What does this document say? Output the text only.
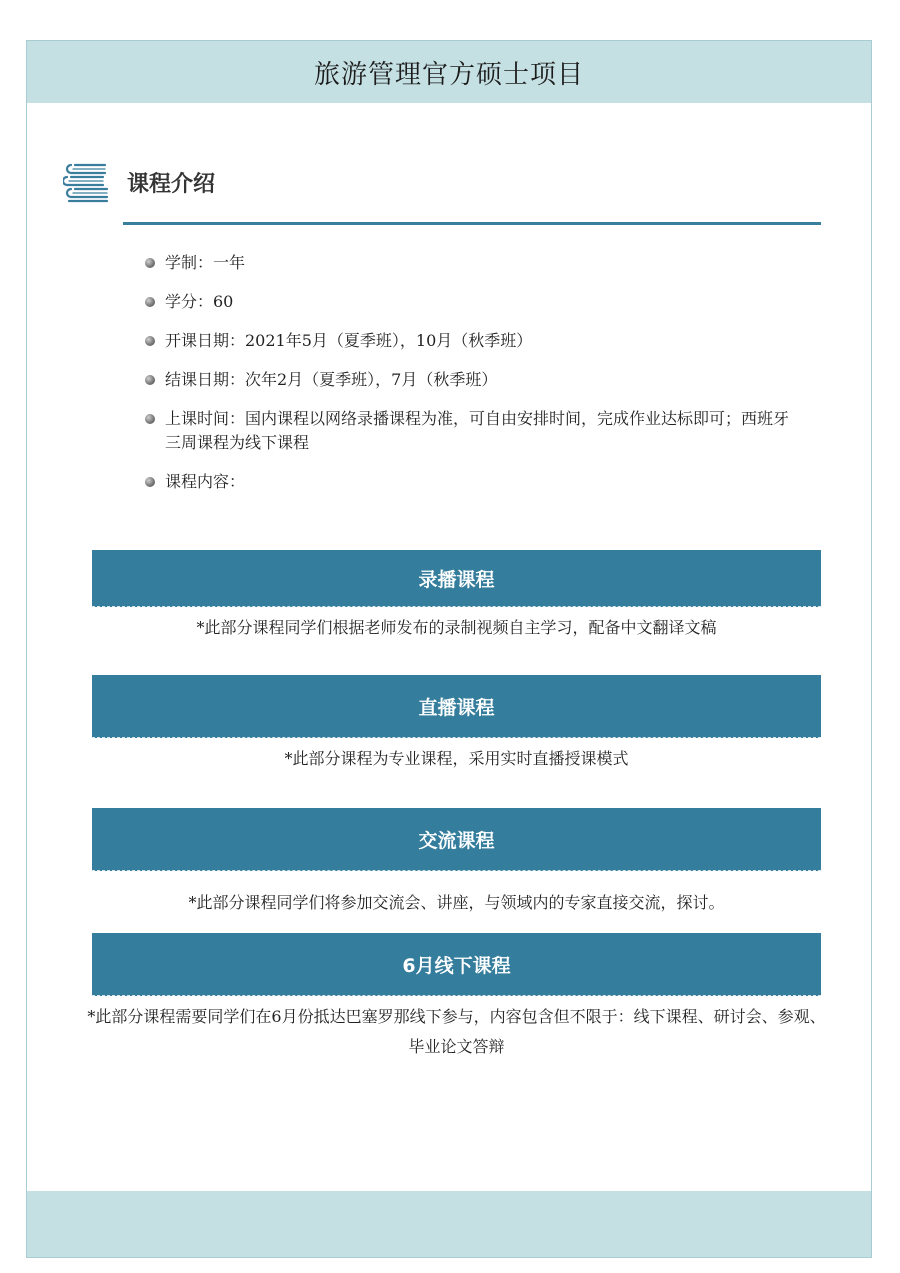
旅游管理官方硕士项目
课程介绍
学制：一年
学分：60
开课日期：2021年5月（夏季班），10月（秋季班）
结课日期：次年2月（夏季班），7月（秋季班）
上课时间：国内课程以网络录播课程为准，可自由安排时间，完成作业达标即可；西班牙三周课程为线下课程
课程内容：
录播课程
*此部分课程同学们根据老师发布的录制视频自主学习，配备中文翻译文稿
直播课程
*此部分课程为专业课程，采用实时直播授课模式
交流课程
*此部分课程同学们将参加交流会、讲座，与领域内的专家直接交流，探讨。
6月线下课程
*此部分课程需要同学们在6月份抵达巴塞罗那线下参与，内容包含但不限于：线下课程、研讨会、参观、毕业论文答辩
